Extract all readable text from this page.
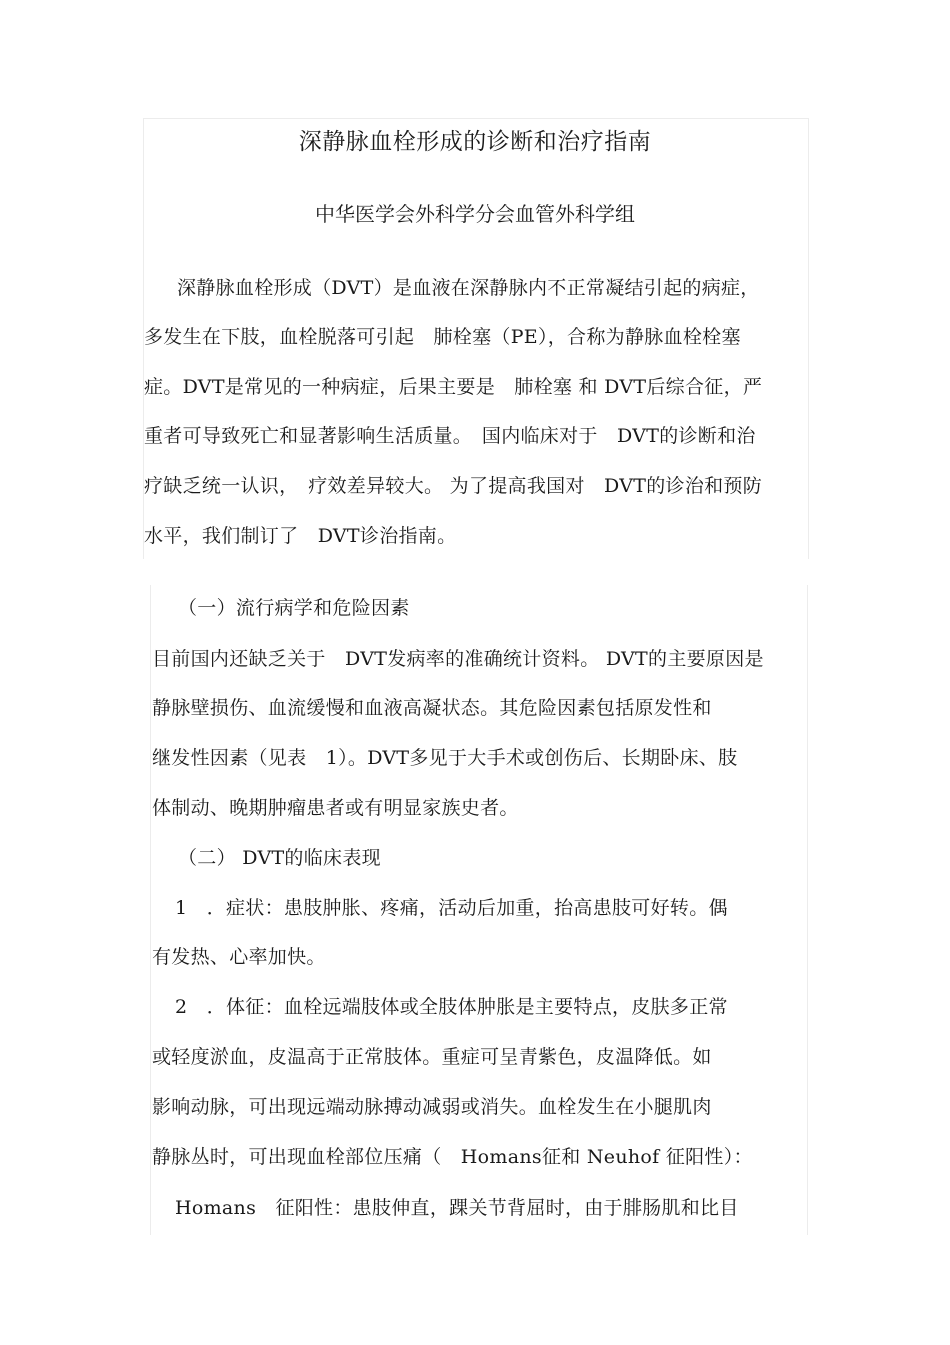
深静脉血栓形成的诊断和治疗指南
中华医学会外科学分会血管外科学组
深静脉血栓形成（DVT）是血液在深静脉内不正常凝结引起的病症，
多发生在下肢，血栓脱落可引起　肺栓塞（PE），合称为静脉血栓栓塞
症。DVT是常见的一种病症，后果主要是　肺栓塞 和 DVT后综合征，严
重者可导致死亡和显著影响生活质量。　国内临床对于　DVT的诊断和治
疗缺乏统一认识，　疗效差异较大。 为了提高我国对　DVT的诊治和预防
水平，我们制订了　DVT诊治指南。
（一）流行病学和危险因素
目前国内还缺乏关于　DVT发病率的准确统计资料。 DVT的主要原因是
静脉壁损伤、血流缓慢和血液高凝状态。其危险因素包括原发性和
继发性因素（见表　1）。DVT多见于大手术或创伤后、长期卧床、肢
体制动、晚期肿瘤患者或有明显家族史者。
（二） DVT的临床表现
1　．症状：患肢肿胀、疼痛，活动后加重，抬高患肢可好转。偶
有发热、心率加快。
2　．体征：血栓远端肢体或全肢体肿胀是主要特点，皮肤多正常
或轻度淤血，皮温高于正常肢体。重症可呈青紫色，皮温降低。如
影响动脉，可出现远端动脉搏动减弱或消失。血栓发生在小腿肌肉
静脉丛时，可出现血栓部位压痛（　Homans征和 Neuhof 征阳性）：
Homans　征阳性：患肢伸直，踝关节背屈时，由于腓肠肌和比目
